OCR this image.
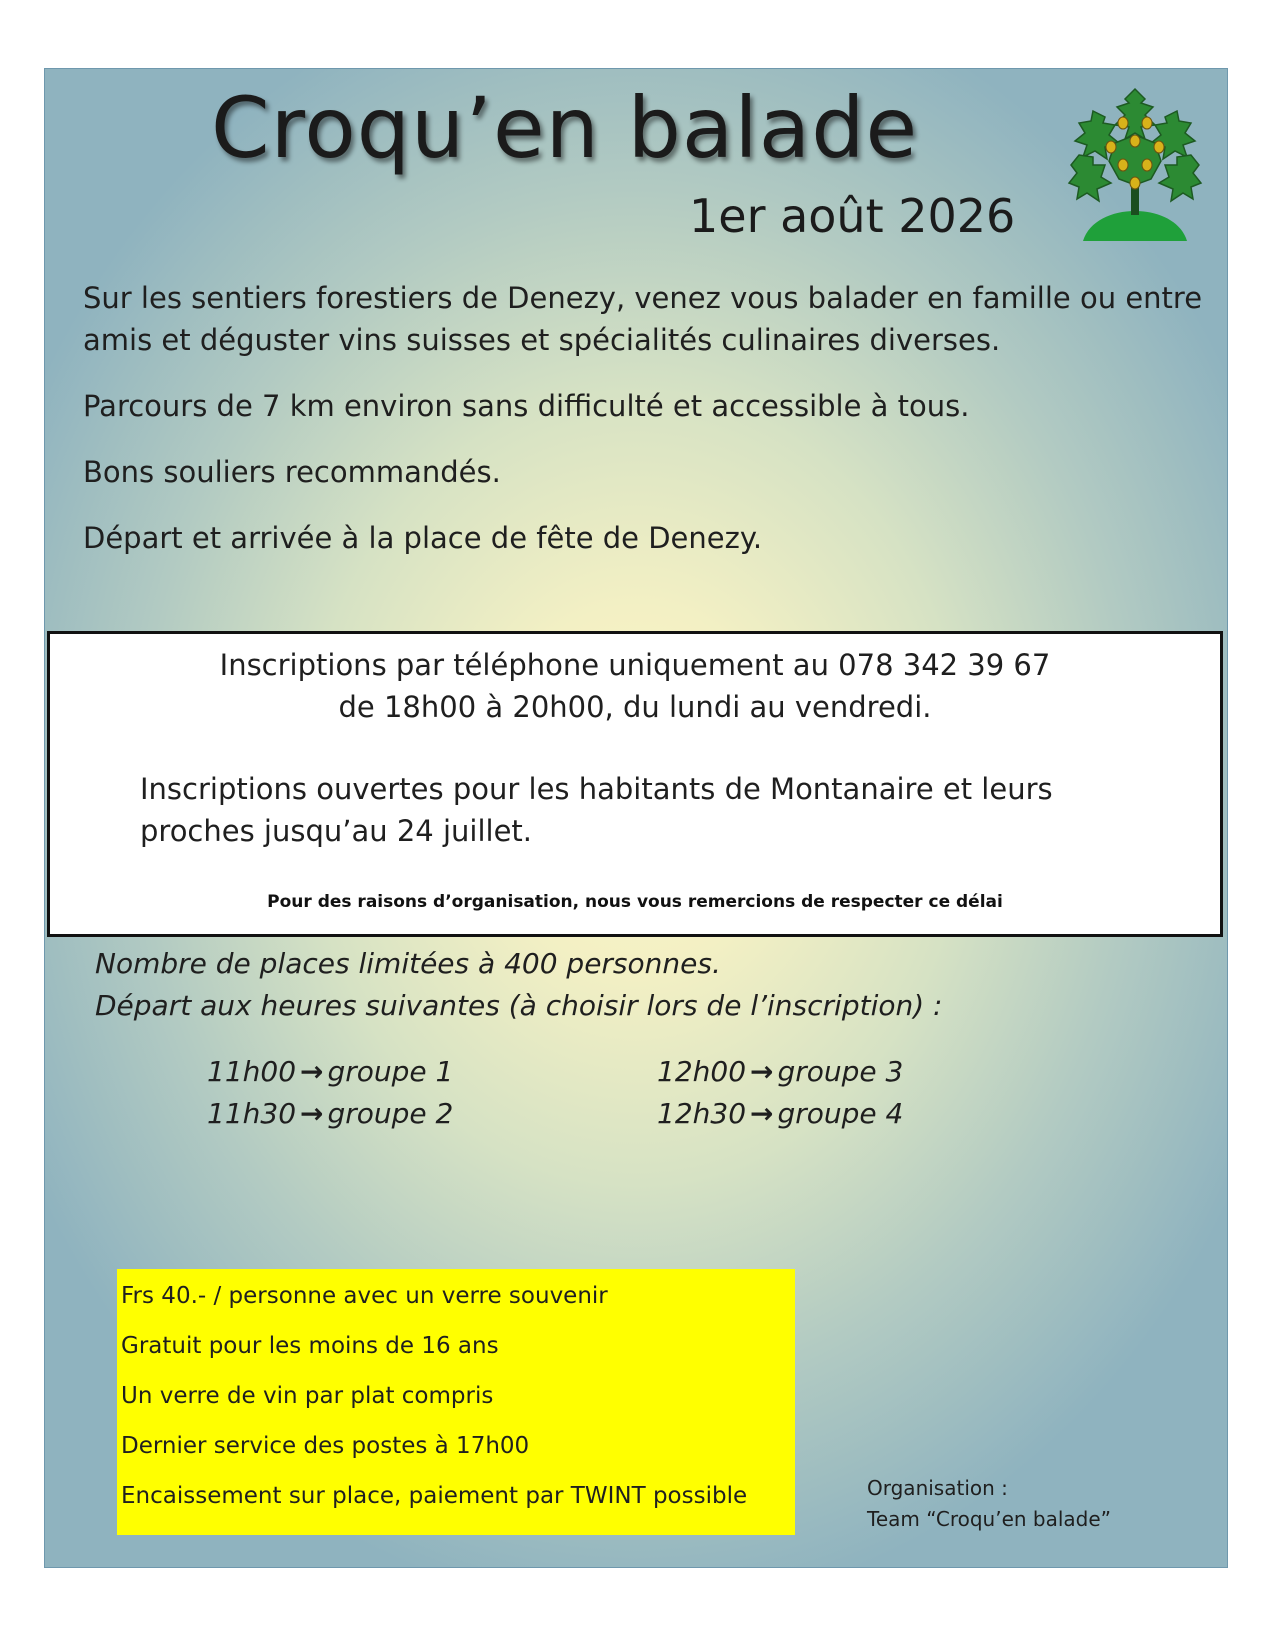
Croqu’en balade
1er août 2026

Sur les sentiers forestiers de Denezy, venez vous balader en famille ou entre amis et déguster vins suisses et spécialités culinaires diverses.

Parcours de 7 km environ sans difficulté et accessible à tous.

Bons souliers recommandés.

Départ et arrivée à la place de fête de Denezy.

Inscriptions par téléphone uniquement au 078 342 39 67
de 18h00 à 20h00, du lundi au vendredi.
Inscriptions ouvertes pour les habitants de Montanaire et leurs
proches jusqu’au 24 juillet.
Pour des raisons d’organisation, nous vous remercions de respecter ce délai
Nombre de places limitées à 400 personnes.
Départ aux heures suivantes (à choisir lors de l’inscription) :
11h00 → groupe 1
11h30 → groupe 2
12h00 → groupe 3
12h30 → groupe 4
Frs 40.- / personne avec un verre souvenir
Gratuit pour les moins de 16 ans
Un verre de vin par plat compris
Dernier service des postes à 17h00
Encaissement sur place, paiement par TWINT possible	Organisation :
Team “Croqu’en balade”
